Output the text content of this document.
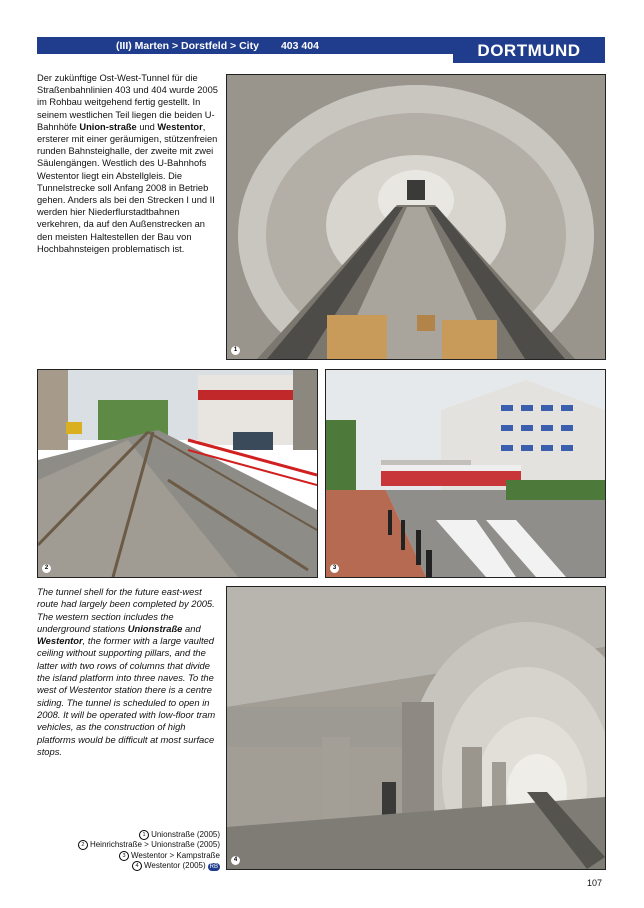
(III) Marten > Dorstfeld > City 403 404	DORTMUND
1
2	3
4
Der zukünftige Ost-West-Tunnel für die Straßenbahnlinien 403 und 404 wurde 2005 im Rohbau weitgehend fertig gestellt. In seinem westlichen Teil liegen die beiden U-Bahnhöfe Union-straße und Westentor, ersterer mit einer geräumigen, stützenfreien runden Bahnsteighalle, der zweite mit zwei Säulengängen. Westlich des U-Bahnhofs Westentor liegt ein Abstellgleis. Die Tunnelstrecke soll Anfang 2008 in Betrieb gehen. Anders als bei den Strecken I und II werden hier Niederflurstadtbahnen verkehren, da auf den Außenstrecken an den meisten Haltestellen der Bau von Hochbahnsteigen problematisch ist.
The tunnel shell for the future east-west route had largely been completed by 2005. The western section includes the underground stations Unionstraße and Westentor, the former with a large vaulted ceiling without supporting pillars, and the latter with two rows of columns that divide the island platform into three naves. To the west of Westentor station there is a centre siding. The tunnel is scheduled to open in 2008. It will be operated with low-floor tram vehicles, as the construction of high platforms would be difficult at most surface stops.
1 Unionstraße (2005)
2 Heinrichstraße > Unionstraße (2005)
3 Westentor > Kampstraße
4 Westentor (2005) RB
107
